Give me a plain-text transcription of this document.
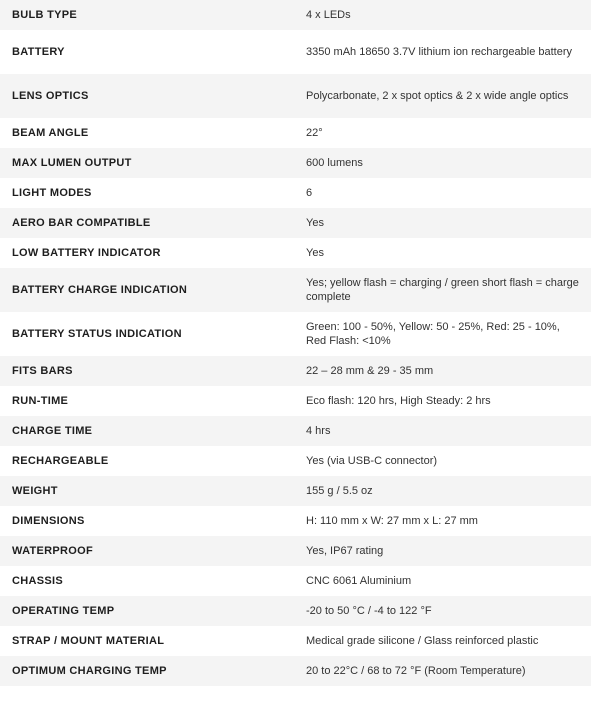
BULB TYPE	4 x LEDs
BATTERY	3350 mAh 18650 3.7V lithium ion rechargeable battery
LENS OPTICS	Polycarbonate, 2 x spot optics & 2 x wide angle optics
BEAM ANGLE	22°
MAX LUMEN OUTPUT	600 lumens
LIGHT MODES	6
AERO BAR COMPATIBLE	Yes
LOW BATTERY INDICATOR	Yes
BATTERY CHARGE INDICATION	Yes; yellow flash = charging / green short flash = charge complete
BATTERY STATUS INDICATION	Green: 100 - 50%, Yellow: 50 - 25%, Red: 25 - 10%, Red Flash: <10%
FITS BARS	22 – 28 mm & 29 - 35 mm
RUN-TIME	Eco flash: 120 hrs, High Steady: 2 hrs
CHARGE TIME	4 hrs
RECHARGEABLE	Yes (via USB-C connector)
WEIGHT	155 g / 5.5 oz
DIMENSIONS	H: 110 mm x W: 27 mm x L: 27 mm
WATERPROOF	Yes, IP67 rating
CHASSIS	CNC 6061 Aluminium
OPERATING TEMP	-20 to 50 °C / -4 to 122 °F
STRAP / MOUNT MATERIAL	Medical grade silicone / Glass reinforced plastic
OPTIMUM CHARGING TEMP	20 to 22°C / 68 to 72 °F (Room Temperature)
